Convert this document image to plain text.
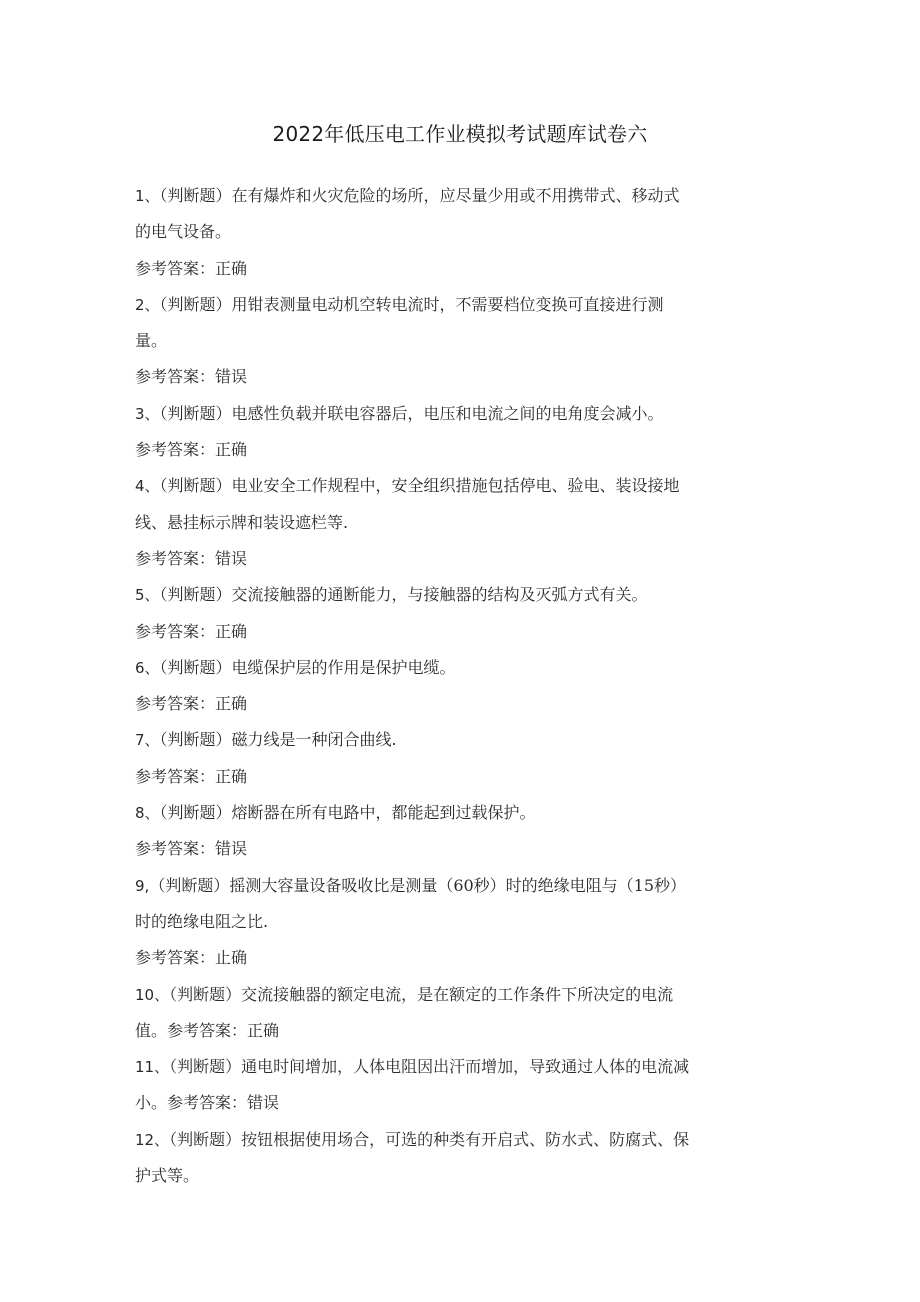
2022年低压电工作业模拟考试题库试卷六
1、（判断题）在有爆炸和火灾危险的场所，应尽量少用或不用携带式、移动式
的电气设备。
参考答案：正确
2、（判断题）用钳表测量电动机空转电流时，不需要档位变换可直接进行测
量。
参考答案：错误
3、（判断题）电感性负载并联电容器后，电压和电流之间的电角度会减小。
参考答案：正确
4、（判断题）电业安全工作规程中，安全组织措施包括停电、验电、装设接地
线、悬挂标示牌和装设遮栏等.
参考答案：错误
5、（判断题）交流接触器的通断能力，与接触器的结构及灭弧方式有关。
参考答案：正确
6、（判断题）电缆保护层的作用是保护电缆。
参考答案：正确
7、（判断题）磁力线是一种闭合曲线.
参考答案：正确
8、（判断题）熔断器在所有电路中，都能起到过载保护。
参考答案：错误
9,（判断题）摇测大容量设备吸收比是测量（60秒）时的绝缘电阻与（15秒）
时的绝缘电阻之比.
参考答案：止确
10、（判断题）交流接触器的额定电流，是在额定的工作条件下所决定的电流
值。参考答案：正确
11、（判断题）通电时间增加，人体电阻因出汗而增加，导致通过人体的电流减
小。参考答案：错误
12、（判断题）按钮根据使用场合，可选的种类有开启式、防水式、防腐式、保
护式等。
